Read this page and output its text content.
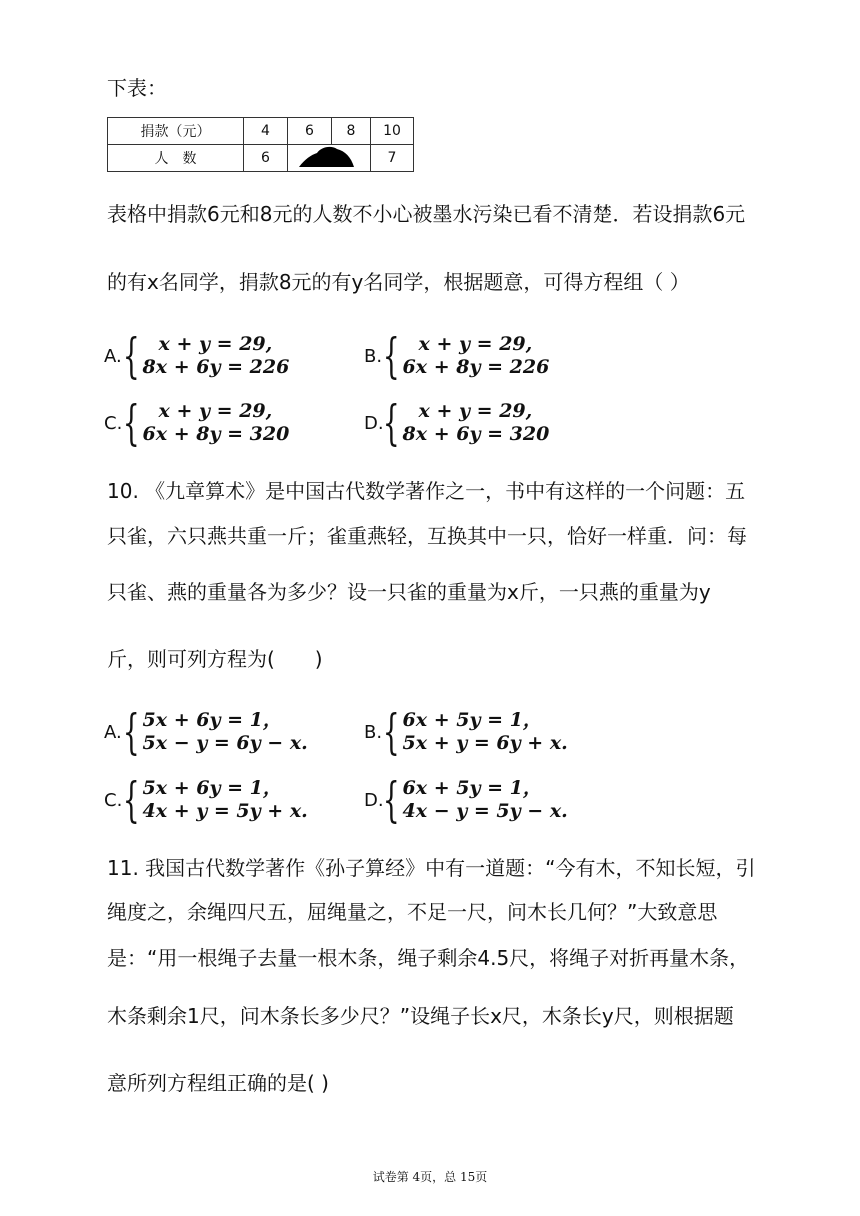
下表：
捐款（元）	4	6	8	10
人　数	6			7
表格中捐款6元和8元的人数不小心被墨水污染已看不清楚．若设捐款6元
的有x名同学，捐款8元的有y名同学，根据题意，可得方程组（ ）
A. { x + y = 29,
8x + 6y = 226	B. { x + y = 29,
6x + 8y = 226
C. { x + y = 29,
6x + 8y = 320	D. { x + y = 29,
8x + 6y = 320
10. 《九章算术》是中国古代数学著作之一，书中有这样的一个问题：五
只雀，六只燕共重一斤；雀重燕轻，互换其中一只，恰好一样重．问：每
只雀、燕的重量各为多少？设一只雀的重量为x斤，一只燕的重量为y
斤，则可列方程为(　　)
A. { 5x + 6y = 1，
5x − y = 6y − x.	B. { 6x + 5y = 1，
5x + y = 6y + x.
C. { 5x + 6y = 1，
4x + y = 5y + x.	D. { 6x + 5y = 1，
4x − y = 5y − x.
11. 我国古代数学著作《孙子算经》中有一道题：“今有木，不知长短，引
绳度之，余绳四尺五，屈绳量之，不足一尺，问木长几何？”大致意思
是：“用一根绳子去量一根木条，绳子剩余4.5尺，将绳子对折再量木条，
木条剩余1尺，问木条长多少尺？”设绳子长x尺，木条长y尺，则根据题
意所列方程组正确的是( )
试卷第 4页，总 15页
